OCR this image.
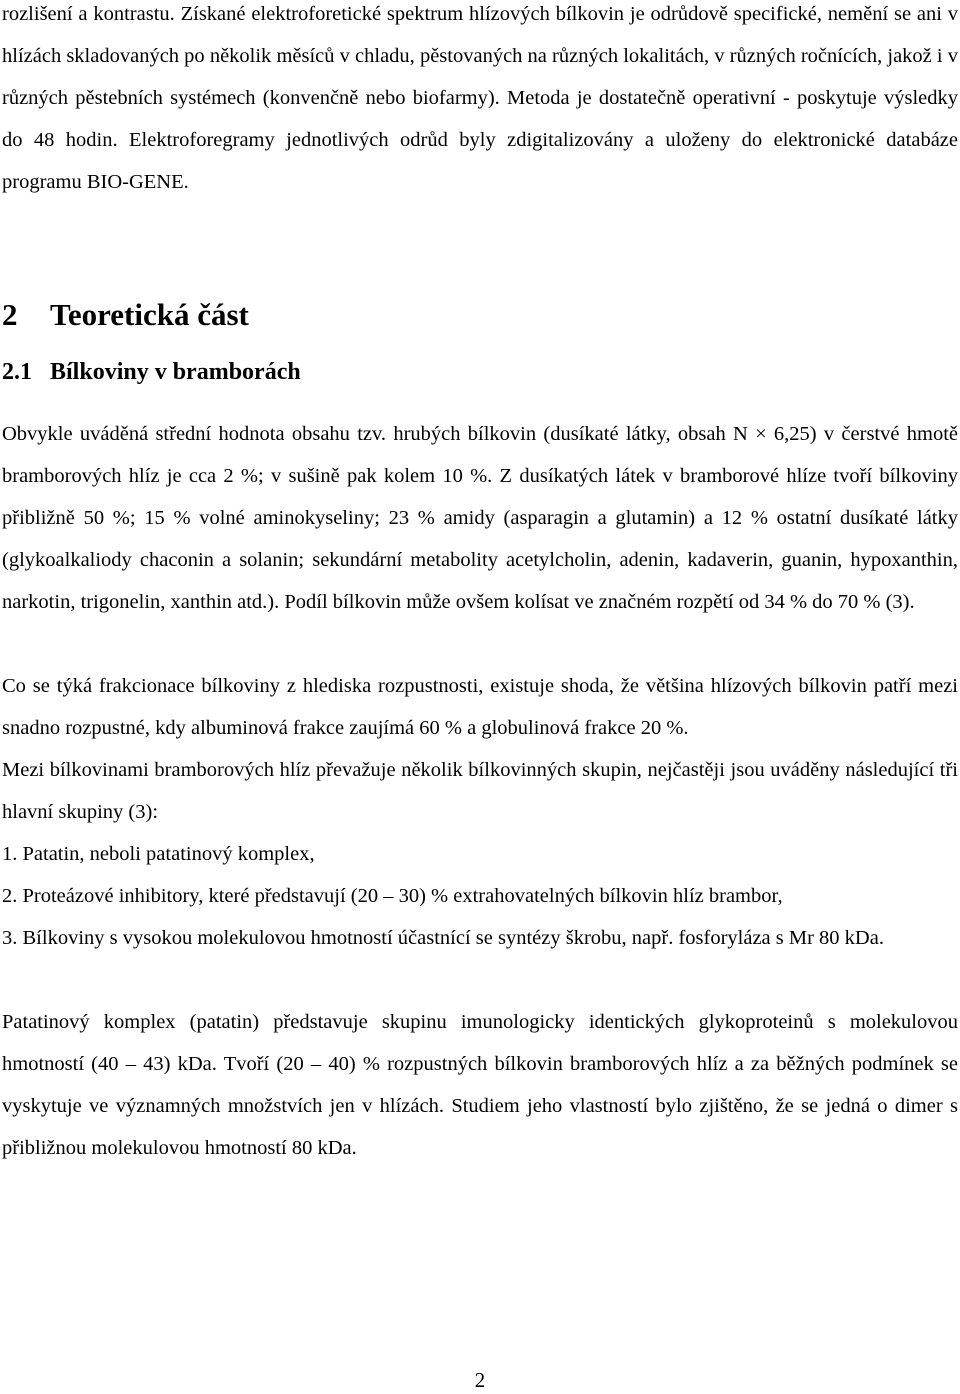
rozlišení a kontrastu. Získané elektroforetické spektrum hlízových bílkovin je odrůdově specifické, nemění se ani v hlízách skladovaných po několik měsíců v chladu, pěstovaných na různých lokalitách, v různých ročnících, jakož i v různých pěstebních systémech (konvenčně nebo biofarmy). Metoda je dostatečně operativní - poskytuje výsledky do 48 hodin. Elektroforegramy jednotlivých odrůd byly zdigitalizovány a uloženy do elektronické databáze programu BIO-GENE.

2 Teoretická část
2.1 Bílkoviny v bramborách

Obvykle uváděná střední hodnota obsahu tzv. hrubých bílkovin (dusíkaté látky, obsah N × 6,25) v čerstvé hmotě bramborových hlíz je cca 2 %; v sušině pak kolem 10 %. Z dusíkatých látek v bramborové hlíze tvoří bílkoviny přibližně 50 %; 15 % volné aminokyseliny; 23 % amidy (asparagin a glutamin) a 12 % ostatní dusíkaté látky (glykoalkaliody chaconin a solanin; sekundární metabolity acetylcholin, adenin, kadaverin, guanin, hypoxanthin, narkotin, trigonelin, xanthin atd.). Podíl bílkovin může ovšem kolísat ve značném rozpětí od 34 % do 70 % (3).

Co se týká frakcionace bílkoviny z hlediska rozpustnosti, existuje shoda, že většina hlízových bílkovin patří mezi snadno rozpustné, kdy albuminová frakce zaujímá 60 % a globulinová frakce 20 %.

Mezi bílkovinami bramborových hlíz převažuje několik bílkovinných skupin, nejčastěji jsou uváděny následující tři hlavní skupiny (3):

1. Patatin, neboli patatinový komplex,

2. Proteázové inhibitory, které představují (20 – 30) % extrahovatelných bílkovin hlíz brambor,

3. Bílkoviny s vysokou molekulovou hmotností účastnící se syntézy škrobu, např. fosforyláza s Mr 80 kDa.

Patatinový komplex (patatin) představuje skupinu imunologicky identických glykoproteinů s molekulovou hmotností (40 – 43) kDa. Tvoří (20 – 40) % rozpustných bílkovin bramborových hlíz a za běžných podmínek se vyskytuje ve významných množstvích jen v hlízách. Studiem jeho vlastností bylo zjištěno, že se jedná o dimer s přibližnou molekulovou hmotností 80 kDa.

2
